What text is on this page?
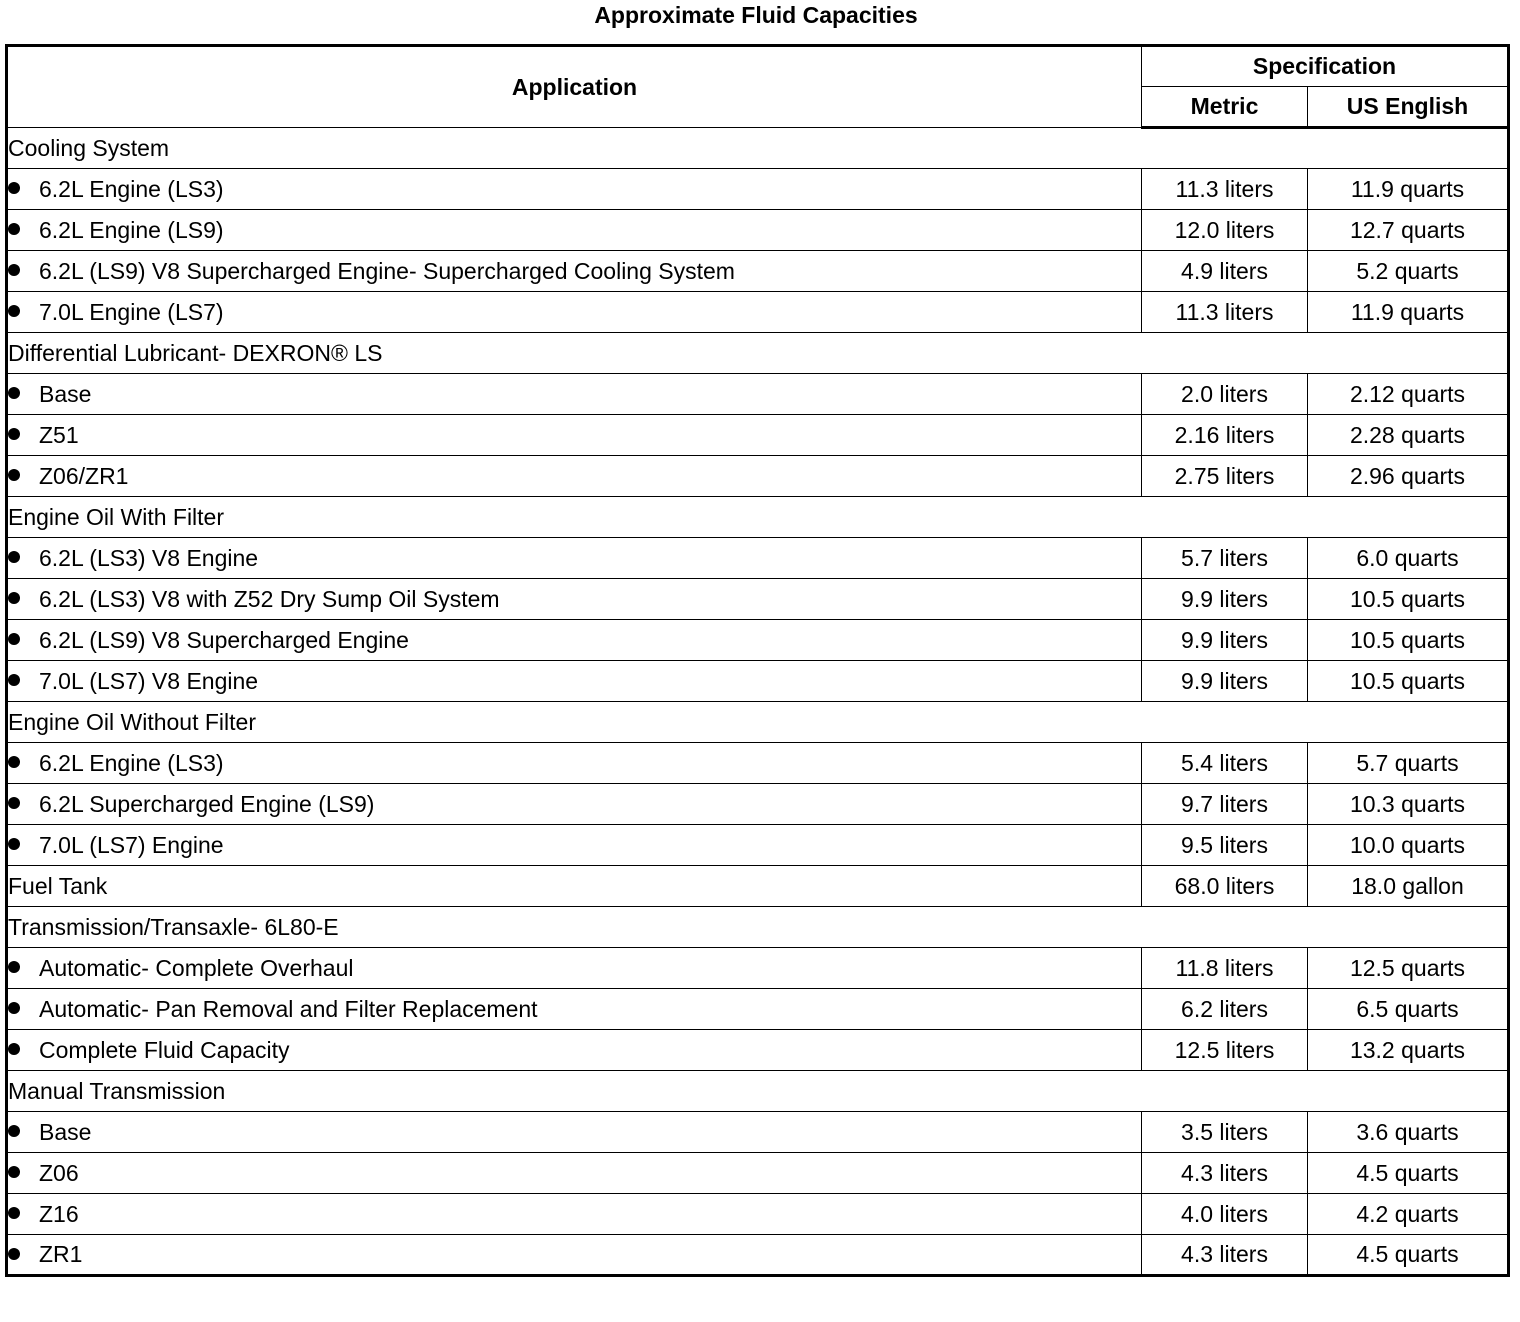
Approximate Fluid Capacities
Application	Specification	
	Metric	US English
Cooling System		
6.2L Engine (LS3)	11.3 liters	11.9 quarts
6.2L Engine (LS9)	12.0 liters	12.7 quarts
6.2L (LS9) V8 Supercharged Engine- Supercharged Cooling System	4.9 liters	5.2 quarts
7.0L Engine (LS7)	11.3 liters	11.9 quarts
Differential Lubricant- DEXRON® LS		
Base	2.0 liters	2.12 quarts
Z51	2.16 liters	2.28 quarts
Z06/ZR1	2.75 liters	2.96 quarts
Engine Oil With Filter		
6.2L (LS3) V8 Engine	5.7 liters	6.0 quarts
6.2L (LS3) V8 with Z52 Dry Sump Oil System	9.9 liters	10.5 quarts
6.2L (LS9) V8 Supercharged Engine	9.9 liters	10.5 quarts
7.0L (LS7) V8 Engine	9.9 liters	10.5 quarts
Engine Oil Without Filter		
6.2L Engine (LS3)	5.4 liters	5.7 quarts
6.2L Supercharged Engine (LS9)	9.7 liters	10.3 quarts
7.0L (LS7) Engine	9.5 liters	10.0 quarts
Fuel Tank	68.0 liters	18.0 gallon
Transmission/Transaxle- 6L80-E		
Automatic- Complete Overhaul	11.8 liters	12.5 quarts
Automatic- Pan Removal and Filter Replacement	6.2 liters	6.5 quarts
Complete Fluid Capacity	12.5 liters	13.2 quarts
Manual Transmission		
Base	3.5 liters	3.6 quarts
Z06	4.3 liters	4.5 quarts
Z16	4.0 liters	4.2 quarts
ZR1	4.3 liters	4.5 quarts
